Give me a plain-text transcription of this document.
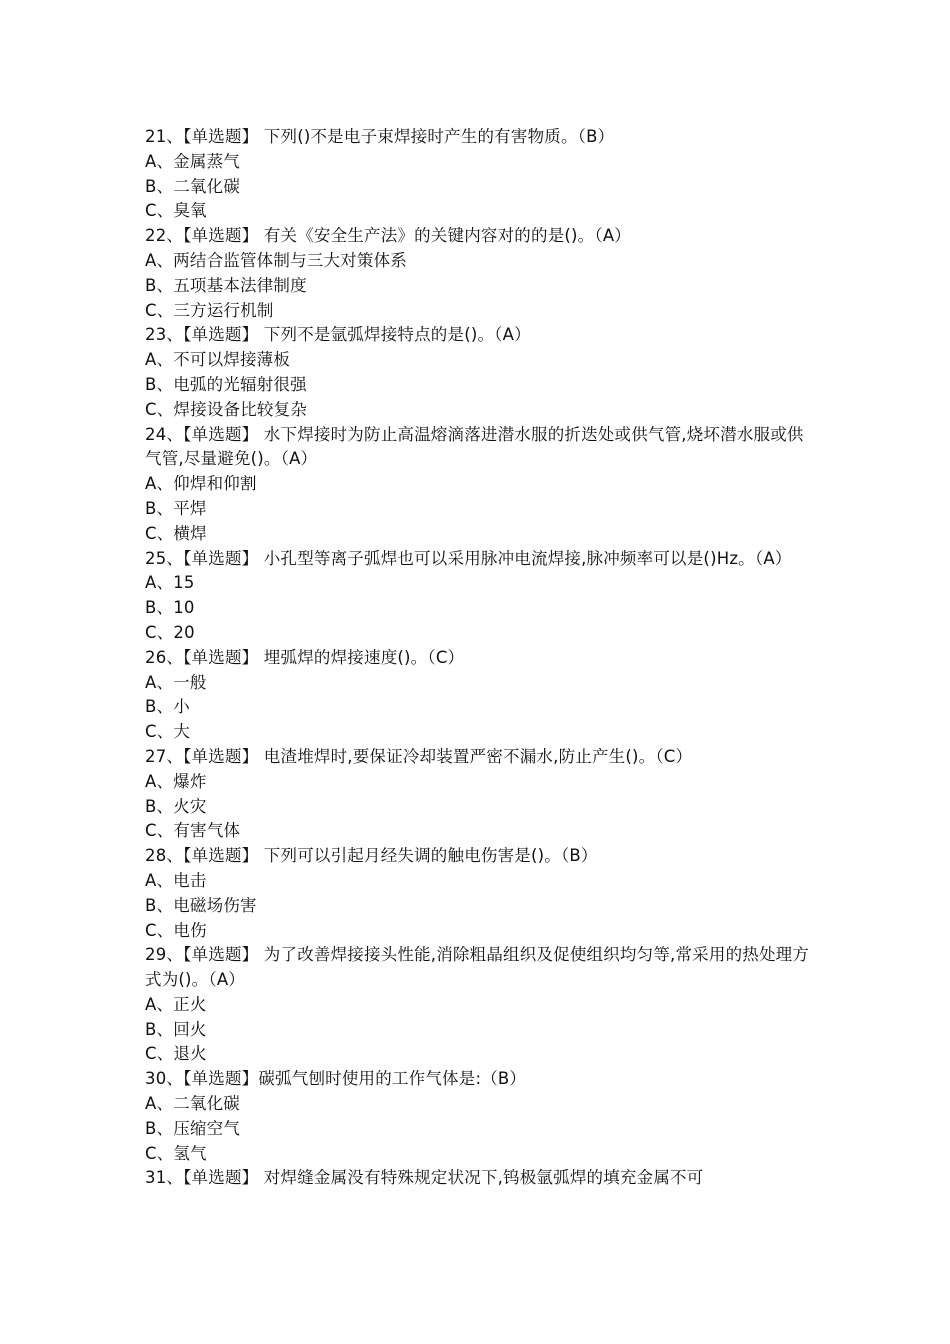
21、【单选题】 下列()不是电子束焊接时产生的有害物质。（B）

A、金属蒸气

B、二氧化碳

C、臭氧

22、【单选题】 有关《安全生产法》的关键内容对的的是()。（A）

A、两结合监管体制与三大对策体系

B、五项基本法律制度

C、三方运行机制

23、【单选题】 下列不是氩弧焊接特点的是()。（A）

A、不可以焊接薄板

B、电弧的光辐射很强

C、焊接设备比较复杂

24、【单选题】 水下焊接时为防止高温熔滴落进潜水服的折迭处或供气管,烧坏潜水服或供气管,尽量避免()。（A）

A、仰焊和仰割

B、平焊

C、横焊

25、【单选题】 小孔型等离子弧焊也可以采用脉冲电流焊接,脉冲频率可以是()Hz。（A）

A、15

B、10

C、20

26、【单选题】 埋弧焊的焊接速度()。（C）

A、一般

B、小

C、大

27、【单选题】 电渣堆焊时,要保证冷却装置严密不漏水,防止产生()。（C）

A、爆炸

B、火灾

C、有害气体

28、【单选题】 下列可以引起月经失调的触电伤害是()。（B）

A、电击

B、电磁场伤害

C、电伤

29、【单选题】 为了改善焊接接头性能,消除粗晶组织及促使组织均匀等,常采用的热处理方式为()。（A）

A、正火

B、回火

C、退火

30、【单选题】碳弧气刨时使用的工作气体是:（B）

A、二氧化碳

B、压缩空气

C、氢气

31、【单选题】 对焊缝金属没有特殊规定状况下,钨极氩弧焊的填充金属不可
